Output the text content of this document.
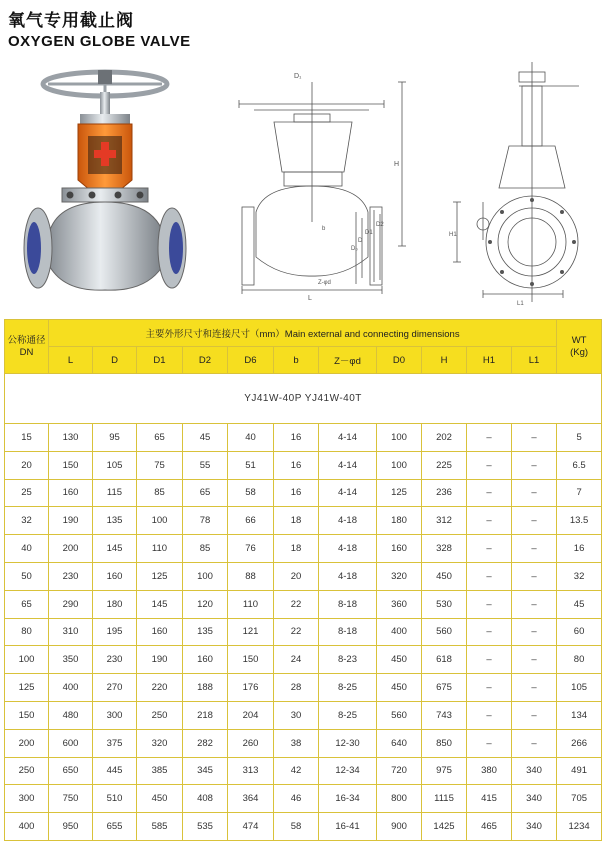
氧气专用截止阀
OXYGEN GLOBE VALVE
D₁
H
D₀
D
D1
D2
b
Z-φd
L
H1
L1
公称通径
DN	主要外形尺寸和连接尺寸（mm）Main external and connecting dimensions											WT
(Kg)
	L	D	D1	D2	D6	b	Z－φd	D0	H	H1	L1	
YJ41W-40P YJ41W-40T												
15	130	95	65	45	40	16	4-14	100	202	–	–	5
20	150	105	75	55	51	16	4-14	100	225	–	–	6.5
25	160	115	85	65	58	16	4-14	125	236	–	–	7
32	190	135	100	78	66	18	4-18	180	312	–	–	13.5
40	200	145	110	85	76	18	4-18	160	328	–	–	16
50	230	160	125	100	88	20	4-18	320	450	–	–	32
65	290	180	145	120	110	22	8-18	360	530	–	–	45
80	310	195	160	135	121	22	8-18	400	560	–	–	60
100	350	230	190	160	150	24	8-23	450	618	–	–	80
125	400	270	220	188	176	28	8-25	450	675	–	–	105
150	480	300	250	218	204	30	8-25	560	743	–	–	134
200	600	375	320	282	260	38	12-30	640	850	–	–	266
250	650	445	385	345	313	42	12-34	720	975	380	340	491
300	750	510	450	408	364	46	16-34	800	1115	415	340	705
400	950	655	585	535	474	58	16-41	900	1425	465	340	1234
